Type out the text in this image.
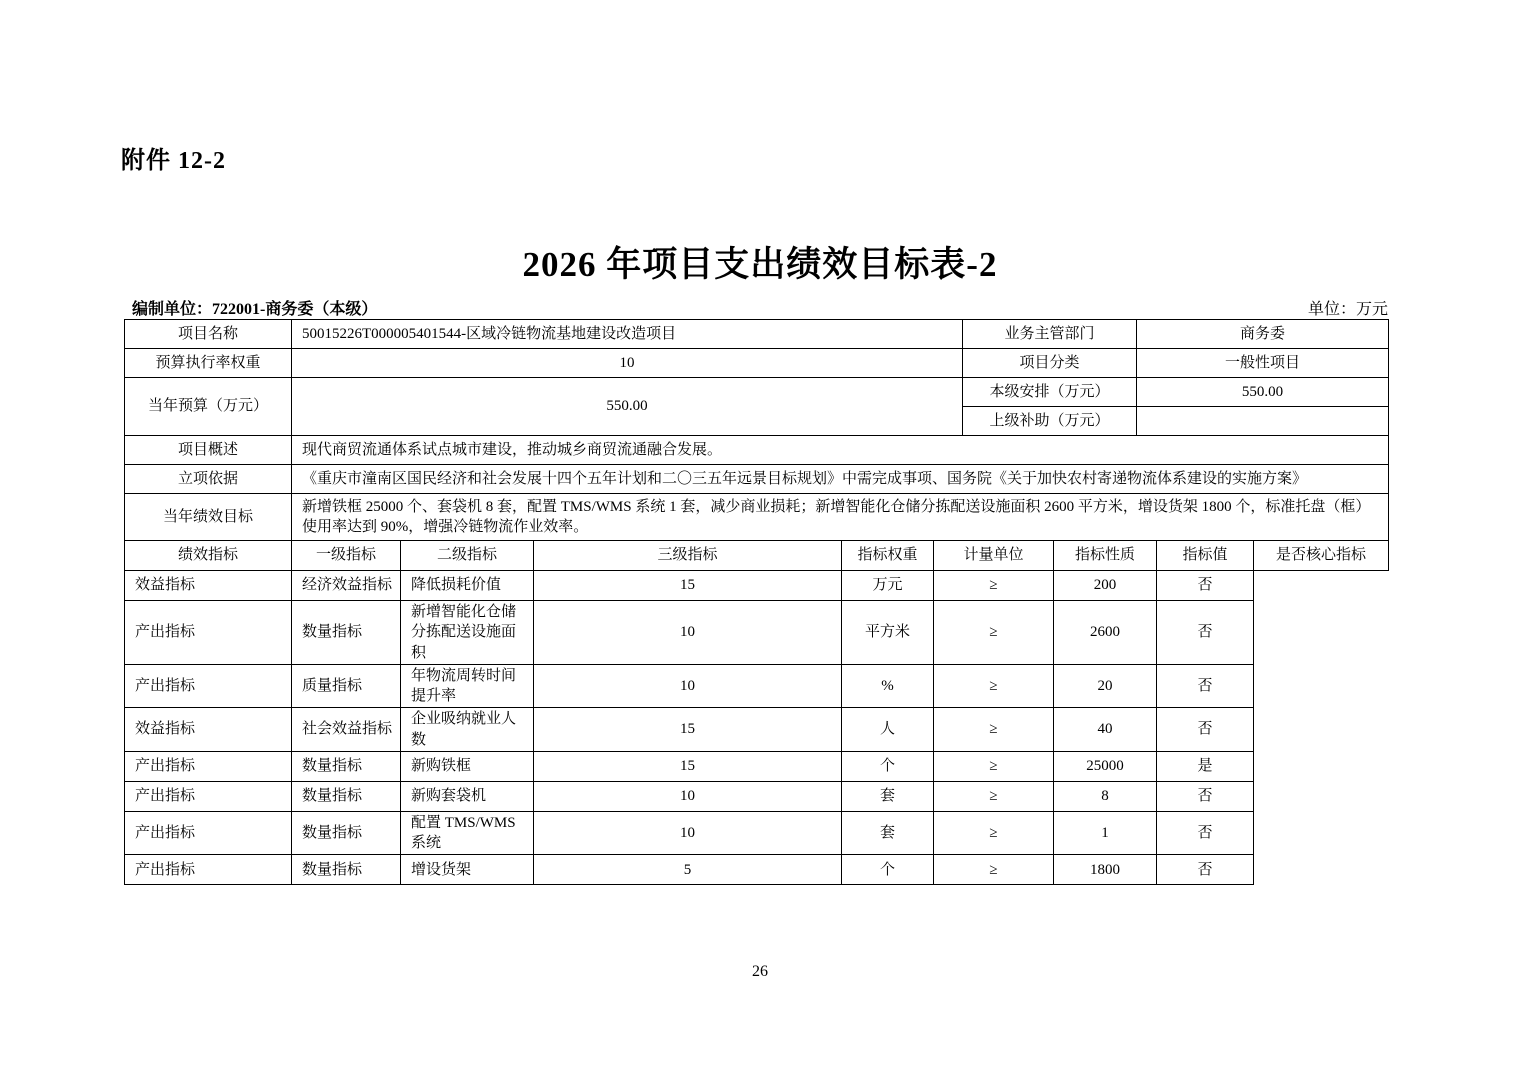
附件 12-2
2026 年项目支出绩效目标表-2
编制单位：722001-商务委（本级）	单位：万元
项目名称	50015226T000005401544-区域冷链物流基地建设改造项目	业务主管部门	商务委
预算执行率权重	10	项目分类	一般性项目
当年预算（万元）	550.00	本级安排（万元）	550.00
		上级补助（万元）	
项目概述	现代商贸流通体系试点城市建设，推动城乡商贸流通融合发展。		
立项依据	《重庆市潼南区国民经济和社会发展十四个五年计划和二〇三五年远景目标规划》中需完成事项、国务院《关于加快农村寄递物流体系建设的实施方案》		
当年绩效目标	新增铁框 25000 个、套袋机 8 套，配置 TMS/WMS 系统 1 套，减少商业损耗；新增智能化仓储分拣配送设施面积 2600 平方米，增设货架 1800 个，标准托盘（框）使用率达到 90%，增强冷链物流作业效率。		
绩效指标	一级指标	二级指标	三级指标	指标权重	计量单位	指标性质	指标值	是否核心指标
效益指标	经济效益指标	降低损耗价值	15	万元	≥	200	否	
产出指标	数量指标	新增智能化仓储分拣配送设施面积	10	平方米	≥	2600	否	
产出指标	质量指标	年物流周转时间提升率	10	%	≥	20	否	
效益指标	社会效益指标	企业吸纳就业人数	15	人	≥	40	否	
产出指标	数量指标	新购铁框	15	个	≥	25000	是	
产出指标	数量指标	新购套袋机	10	套	≥	8	否	
产出指标	数量指标	配置 TMS/WMS 系统	10	套	≥	1	否	
产出指标	数量指标	增设货架	5	个	≥	1800	否	
26
